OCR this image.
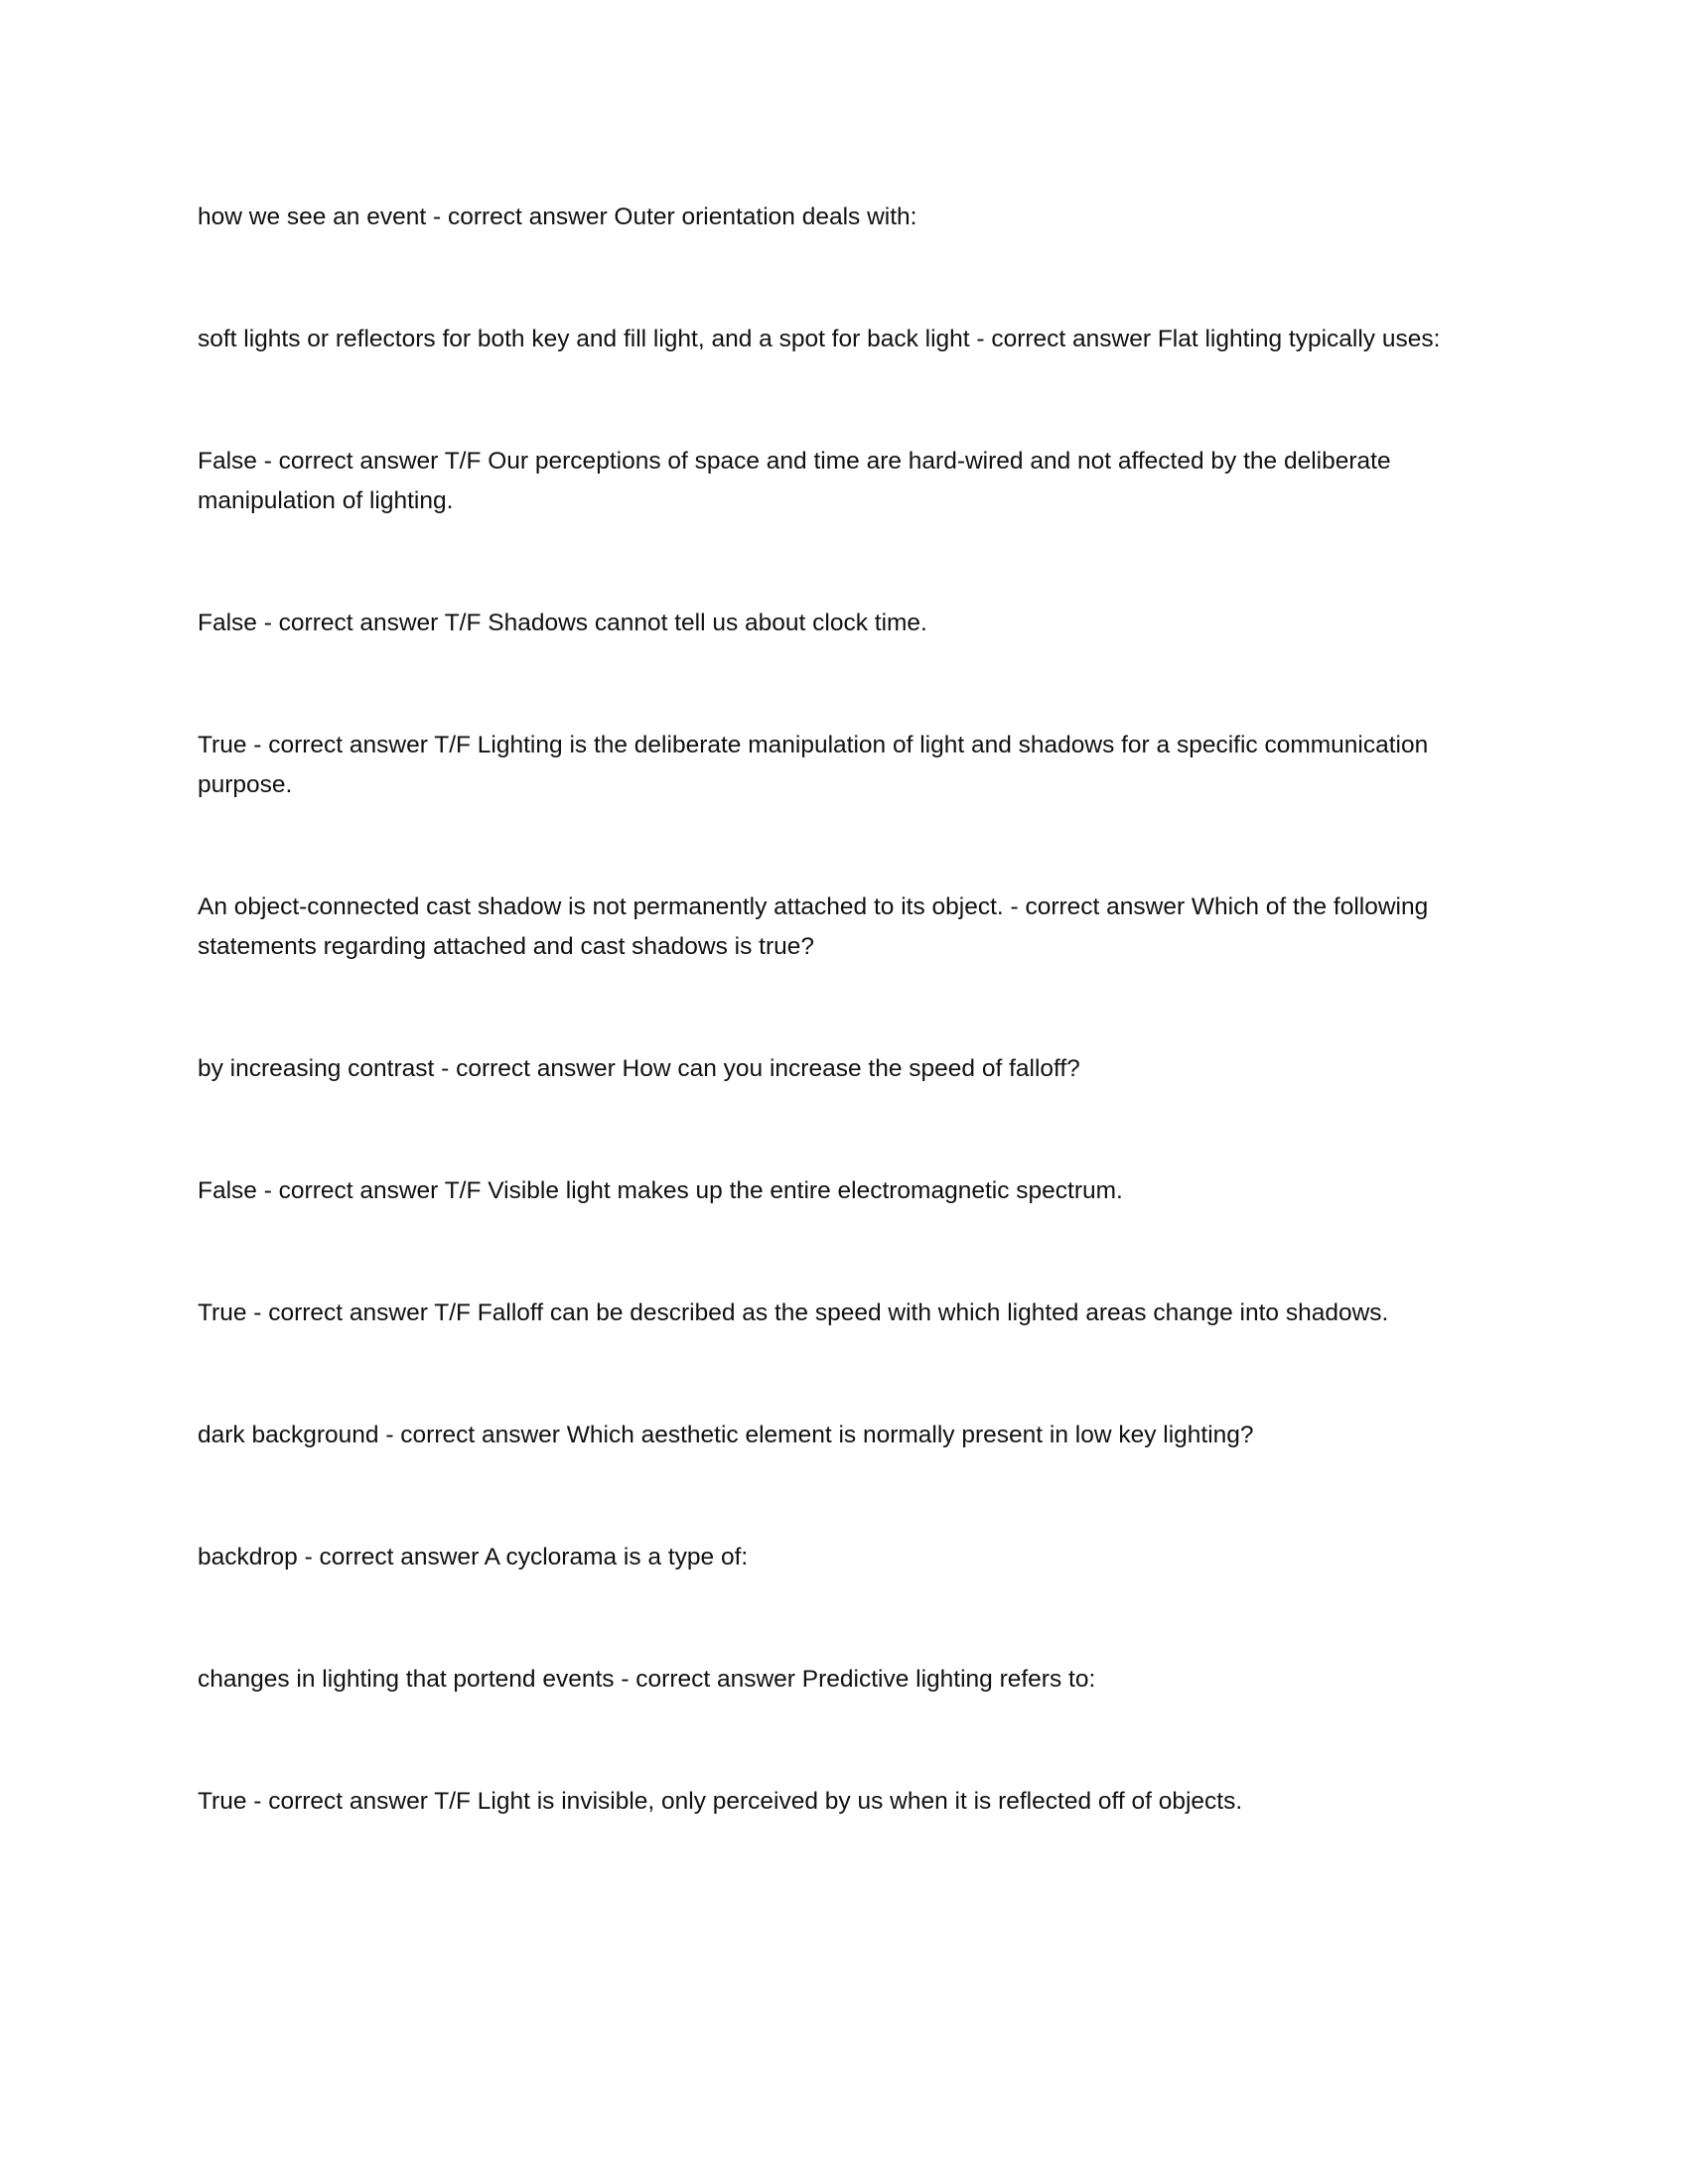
how we see an event - correct answer Outer orientation deals with:

soft lights or reflectors for both key and fill light, and a spot for back light - correct answer Flat lighting typically uses:

False - correct answer T/F Our perceptions of space and time are hard-wired and not affected by the deliberate manipulation of lighting.

False - correct answer T/F Shadows cannot tell us about clock time.

True - correct answer T/F Lighting is the deliberate manipulation of light and shadows for a specific communication purpose.

An object-connected cast shadow is not permanently attached to its object. - correct answer Which of the following statements regarding attached and cast shadows is true?

by increasing contrast - correct answer How can you increase the speed of falloff?

False - correct answer T/F Visible light makes up the entire electromagnetic spectrum.

True - correct answer T/F Falloff can be described as the speed with which lighted areas change into shadows.

dark background - correct answer Which aesthetic element is normally present in low key lighting?

backdrop - correct answer A cyclorama is a type of:

changes in lighting that portend events - correct answer Predictive lighting refers to:

True - correct answer T/F Light is invisible, only perceived by us when it is reflected off of objects.
